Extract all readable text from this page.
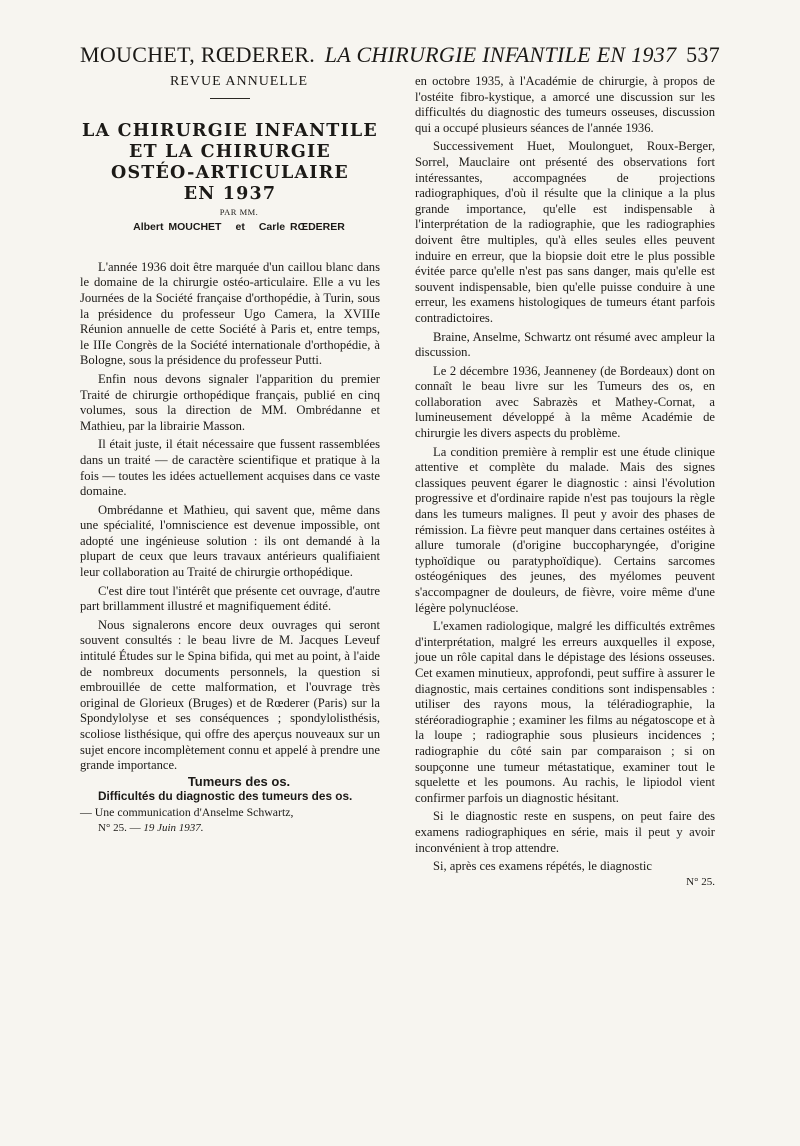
MOUCHET, RŒDERER. LA CHIRURGIE INFANTILE EN 1937 537

REVUE ANNUELLE

LA CHIRURGIE INFANTILE
ET LA CHIRURGIE
OSTÉO-ARTICULAIRE
EN 1937

PAR MM.

Albert MOUCHET et Carle RŒDERER

L'année 1936 doit être marquée d'un caillou blanc dans le domaine de la chirurgie ostéo-articulaire. Elle a vu les Journées de la Société française d'orthopédie, à Turin, sous la présidence du professeur Ugo Camera, la XVIIIe Réunion annuelle de cette Société à Paris et, entre temps, le IIIe Congrès de la Société internationale d'orthopédie, à Bologne, sous la présidence du professeur Putti.

Enfin nous devons signaler l'apparition du premier Traité de chirurgie orthopédique français, publié en cinq volumes, sous la direction de MM. Ombrédanne et Mathieu, par la librairie Masson.

Il était juste, il était nécessaire que fussent rassemblées dans un traité — de caractère scientifique et pratique à la fois — toutes les idées actuellement acquises dans ce vaste domaine.

Ombrédanne et Mathieu, qui savent que, même dans une spécialité, l'omniscience est devenue impossible, ont adopté une ingénieuse solution : ils ont demandé à la plupart de ceux que leurs travaux antérieurs qualifiaient leur collaboration au Traité de chirurgie orthopédique.

C'est dire tout l'intérêt que présente cet ouvrage, d'autre part brillamment illustré et magnifiquement édité.

Nous signalerons encore deux ouvrages qui seront souvent consultés : le beau livre de M. Jacques Leveuf intitulé Études sur le Spina bifida, qui met au point, à l'aide de nombreux documents personnels, la question si embrouillée de cette malformation, et l'ouvrage très original de Glorieux (Bruges) et de Rœderer (Paris) sur la Spondylolyse et ses conséquences ; spondylolisthésis, scoliose listhésique, qui offre des aperçus nouveaux sur un sujet encore incomplètement connu et appelé à prendre une grande importance.

Tumeurs des os.

Difficultés du diagnostic des tumeurs des os.
— Une communication d'Anselme Schwartz,

N° 25. — 19 Juin 1937.

en octobre 1935, à l'Académie de chirurgie, à propos de l'ostéite fibro-kystique, a amorcé une discussion sur les difficultés du diagnostic des tumeurs osseuses, discussion qui a occupé plusieurs séances de l'année 1936.

Successivement Huet, Moulonguet, Roux-Berger, Sorrel, Mauclaire ont présenté des observations fort intéressantes, accompagnées de projections radiographiques, d'où il résulte que la clinique a la plus grande importance, qu'elle est indispensable à l'interprétation de la radiographie, que les radiographies doivent être multiples, qu'à elles seules elles peuvent induire en erreur, que la biopsie doit etre le plus possible évitée parce qu'elle n'est pas sans danger, mais qu'elle est souvent indispensable, bien qu'elle puisse conduire à une erreur, les examens histologiques de tumeurs étant parfois contradictoires.

Braine, Anselme, Schwartz ont résumé avec ampleur la discussion.

Le 2 décembre 1936, Jeanneney (de Bordeaux) dont on connaît le beau livre sur les Tumeurs des os, en collaboration avec Sabrazès et Mathey-Cornat, a lumineusement développé à la même Académie de chirurgie les divers aspects du problème.

La condition première à remplir est une étude clinique attentive et complète du malade. Mais des signes classiques peuvent égarer le diagnostic : ainsi l'évolution progressive et d'ordinaire rapide n'est pas toujours la règle dans les tumeurs malignes. Il peut y avoir des phases de rémission. La fièvre peut manquer dans certaines ostéites à allure tumorale (d'origine buccopharyngée, d'origine typhoïdique ou paratyphoïdique). Certains sarcomes ostéogéniques des jeunes, des myélomes peuvent s'accompagner de douleurs, de fièvre, voire même d'une légère polynucléose.

L'examen radiologique, malgré les difficultés extrêmes d'interprétation, malgré les erreurs auxquelles il expose, joue un rôle capital dans le dépistage des lésions osseuses. Cet examen minutieux, approfondi, peut suffire à assurer le diagnostic, mais certaines conditions sont indispensables : utiliser des rayons mous, la téléradiographie, la stéréoradiographie ; examiner les films au négatoscope et à la loupe ; radiographie sous plusieurs incidences ; radiographie du côté sain par comparaison ; si on soupçonne une tumeur métastatique, examiner tout le squelette et les poumons. Au rachis, le lipiodol vient confirmer parfois un diagnostic hésitant.

Si le diagnostic reste en suspens, on peut faire des examens radiographiques en série, mais il peut y avoir inconvénient à trop attendre.

Si, après ces examens répétés, le diagnostic

N° 25.
